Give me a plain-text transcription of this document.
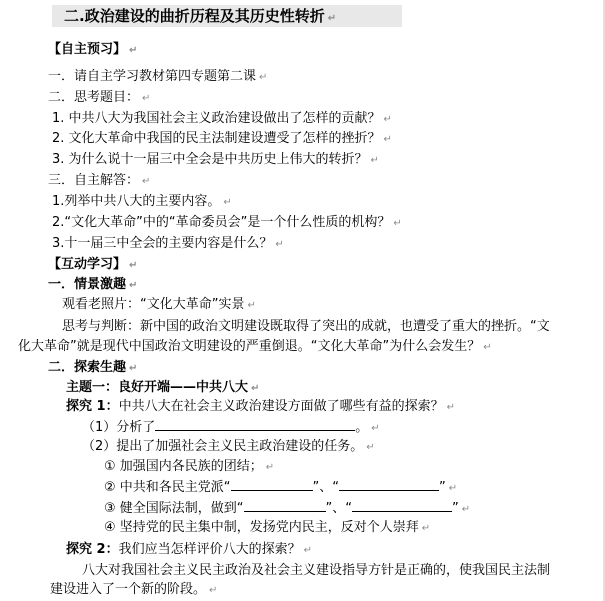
二.政治建设的曲折历程及其历史性转折 ↵
【自主预习】 ↵
一．请自主学习教材第四专题第二课 ↵
二．思考题目： ↵
1. 中共八大为我国社会主义政治建设做出了怎样的贡献？ ↵
2. 文化大革命中我国的民主法制建设遭受了怎样的挫折？ ↵
3. 为什么说十一届三中全会是中共历史上伟大的转折？ ↵
三．自主解答： ↵
1.列举中共八大的主要内容。 ↵
2.“文化大革命”中的“革命委员会”是一个什么性质的机构？ ↵
3.十一届三中全会的主要内容是什么？ ↵
【互动学习】 ↵
一．情景激趣 ↵
观看老照片：“文化大革命”实景 ↵
思考与判断：新中国的政治文明建设既取得了突出的成就，也遭受了重大的挫折。“文
化大革命”就是现代中国政治文明建设的严重倒退。“文化大革命”为什么会发生？ ↵
二．探索生趣 ↵
主题一：良好开端——中共八大 ↵
探究 1：中共八大在社会主义政治建设方面做了哪些有益的探索？ ↵
（1）分析了	。 ↵
（2）提出了加强社会主义民主政治建设的任务。 ↵
① 加强国内各民族的团结； ↵
② 中共和各民主党派“	”、“	” ↵
③ 健全国际法制，做到“	”、“	” ↵
④ 坚持党的民主集中制，发扬党内民主，反对个人崇拜 ↵
探究 2：我们应当怎样评价八大的探索？ ↵
八大对我国社会主义民主政治及社会主义建设指导方针是正确的，使我国民主法制
建设进入了一个新的阶段。 ↵
